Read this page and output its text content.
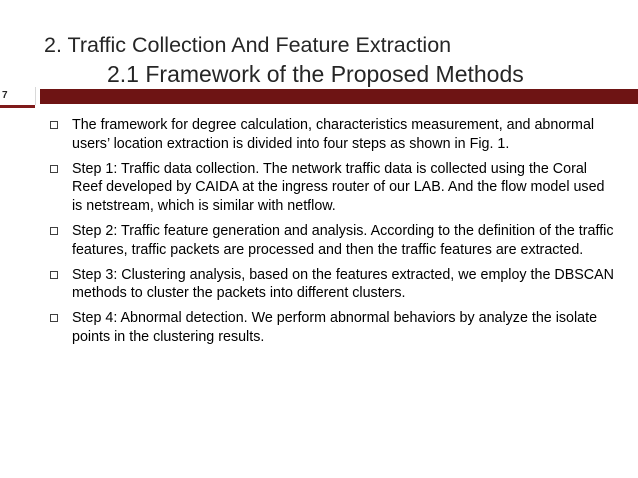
2. Traffic Collection And Feature Extraction
2.1 Framework of the Proposed Methods
7
The framework for degree calculation, characteristics measurement, and abnormal users’ location extraction is divided into four steps as shown in Fig. 1.
Step 1: Traffic data collection. The network traffic data is collected using the Coral Reef developed by CAIDA at the ingress router of our LAB. And the flow model used is netstream, which is similar with netflow.
Step 2: Traffic feature generation and analysis. According to the definition of the traffic features, traffic packets are processed and then the traffic features are extracted.
Step 3: Clustering analysis, based on the features extracted, we employ the DBSCAN methods to cluster the packets into different clusters.
Step 4: Abnormal detection. We perform abnormal behaviors by analyze the isolate points in the clustering results.
